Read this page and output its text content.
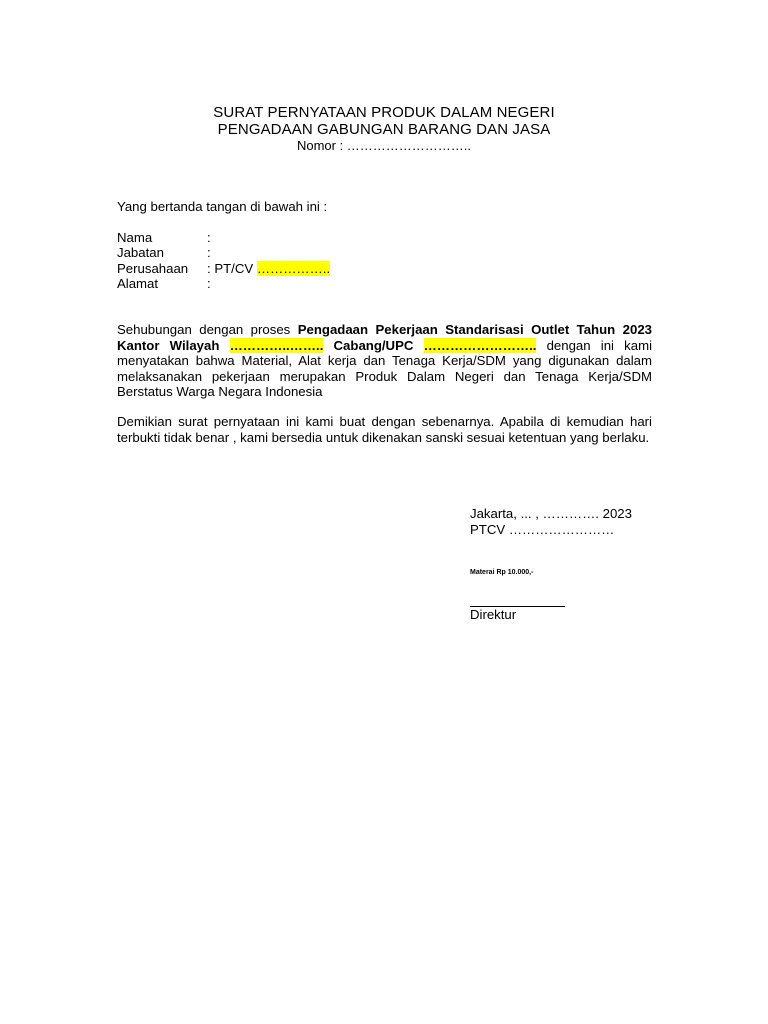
SURAT PERNYATAAN PRODUK DALAM NEGERI
PENGADAAN GABUNGAN BARANG DAN JASA
Nomor : ………………………..
Yang bertanda tangan di bawah ini :
Nama	:
Jabatan	:
Perusahaan : PT/CV ……………..
Alamat	:
Sehubungan dengan proses Pengadaan Pekerjaan Standarisasi Outlet Tahun 2023 Kantor Wilayah …………..…….. Cabang/UPC …………………….. dengan ini kami menyatakan bahwa Material, Alat kerja dan Tenaga Kerja/SDM yang digunakan dalam melaksanakan pekerjaan merupakan Produk Dalam Negeri dan Tenaga Kerja/SDM Berstatus Warga Negara Indonesia
Demikian surat pernyataan ini kami buat dengan sebenarnya. Apabila di kemudian hari terbukti tidak benar , kami bersedia untuk dikenakan sanski sesuai ketentuan yang berlaku.
Jakarta, ... , …………. 2023
PTCV ……………………
Materai Rp 10.000,-
Direktur
